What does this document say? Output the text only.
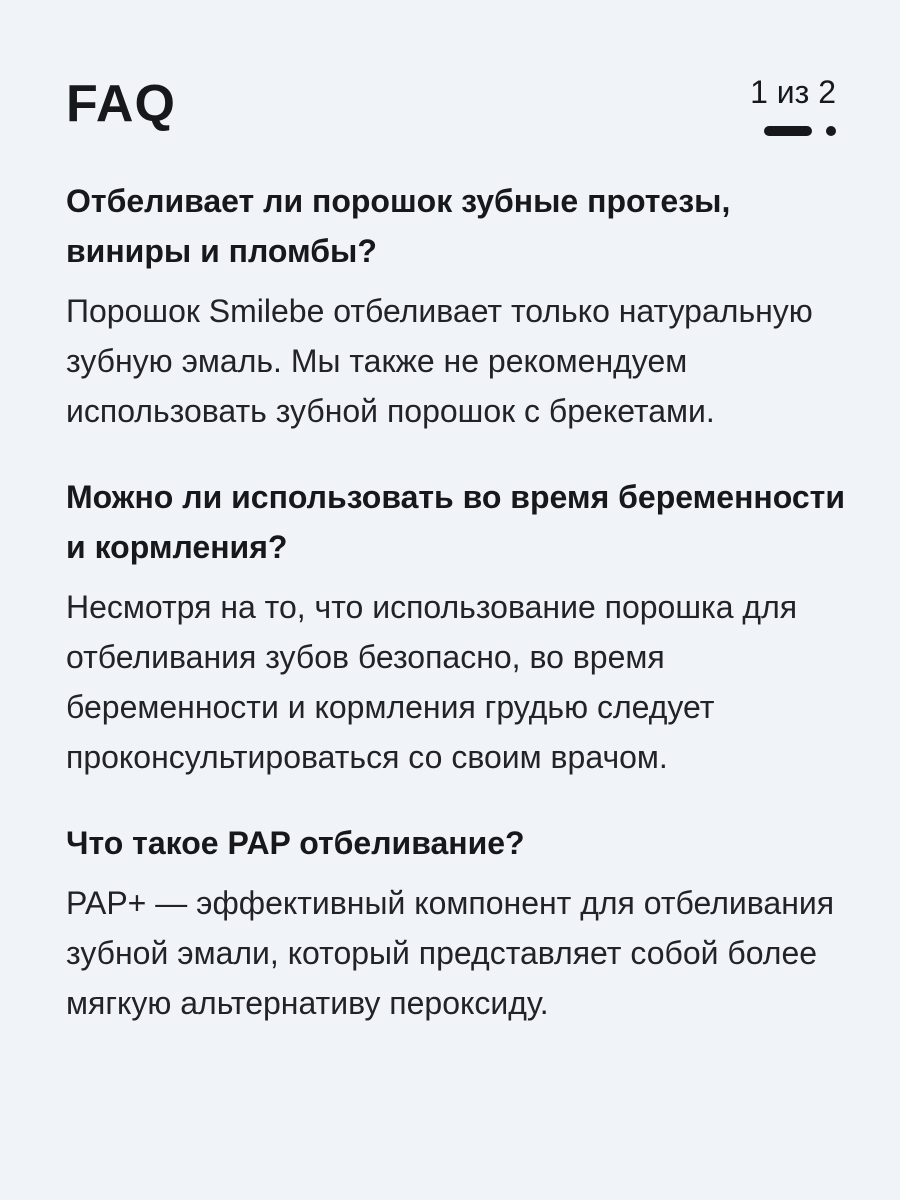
FAQ	1 из 2
Отбеливает ли порошок зубные протезы, виниры и пломбы?

Порошок Smilebe отбеливает только натуральную зубную эмаль. Мы также не рекомендуем использовать зубной порошок с брекетами.

Можно ли использовать во время беременности и кормления?

Несмотря на то, что использование порошка для отбеливания зубов безопасно, во время беременности и кормления грудью следует проконсультироваться со своим врачом.

Что такое PAP отбеливание?

PAP+ — эффективный компонент для отбеливания зубной эмали, который представляет собой более мягкую альтернативу пероксиду.
